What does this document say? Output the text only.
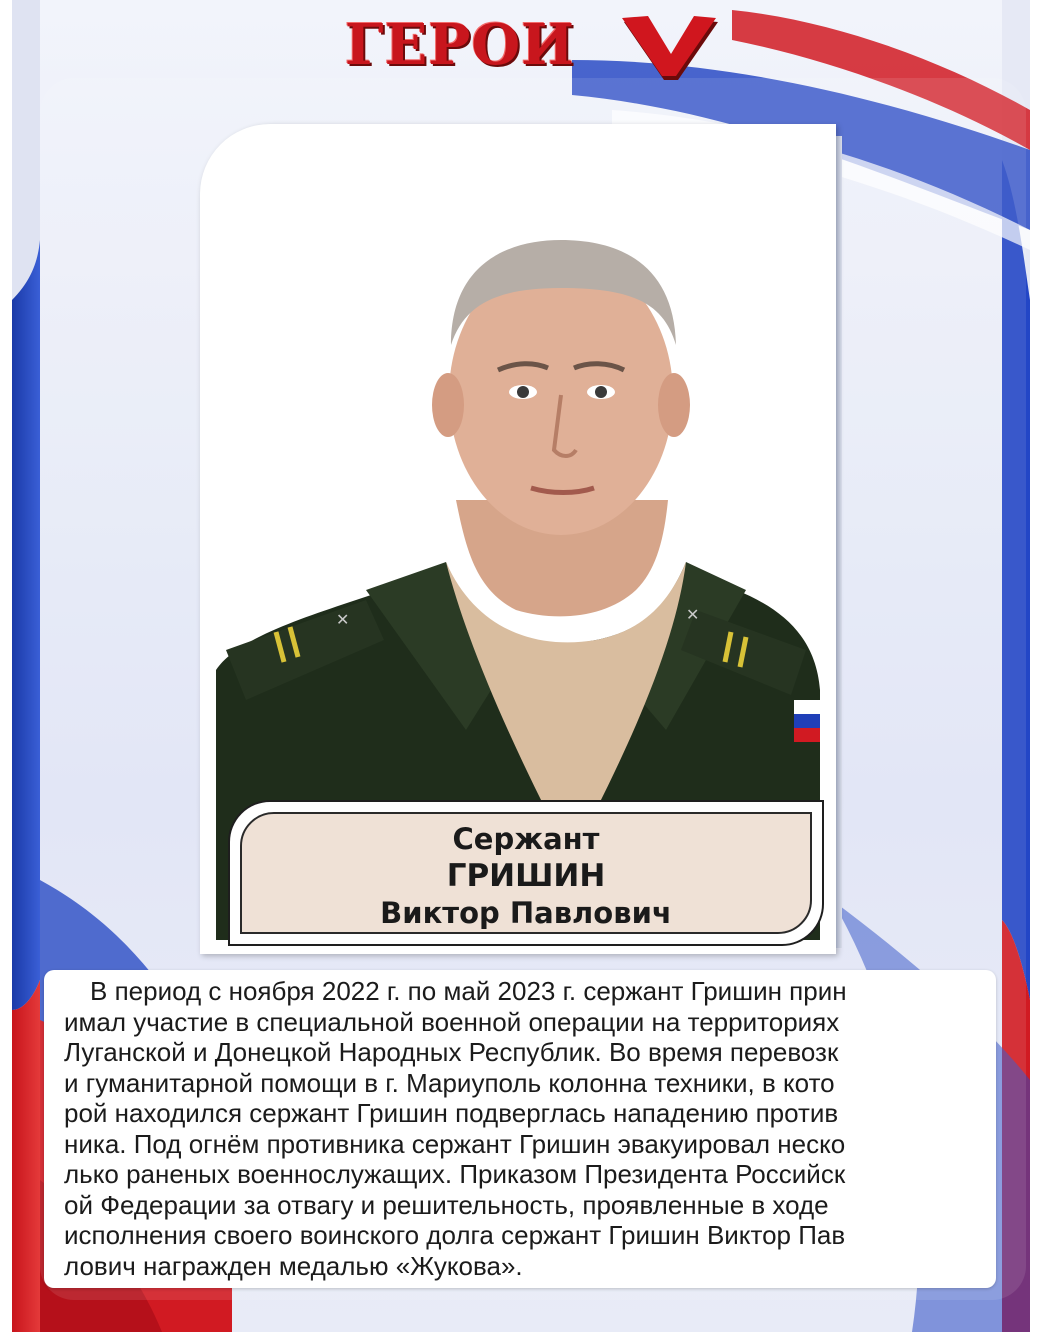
ГЕРОИ
✕	✕
Сержант
ГРИШИН
Виктор Павлович
В период с ноября 2022 г. по май 2023 г. сержант Гришин прин
имал участие в специальной военной операции на территориях
Луганской и Донецкой Народных Республик. Во время перевозк
и гуманитарной помощи в г. Мариуполь колонна техники, в кото
рой находился сержант Гришин подверглась нападению против
ника. Под огнём противника сержант Гришин эвакуировал неско
лько раненых военнослужащих. Приказом Президента Российск
ой Федерации за отвагу и решительность, проявленные в ходе
исполнения своего воинского долга сержант Гришин Виктор Пав
лович награжден медалью «Жукова».
